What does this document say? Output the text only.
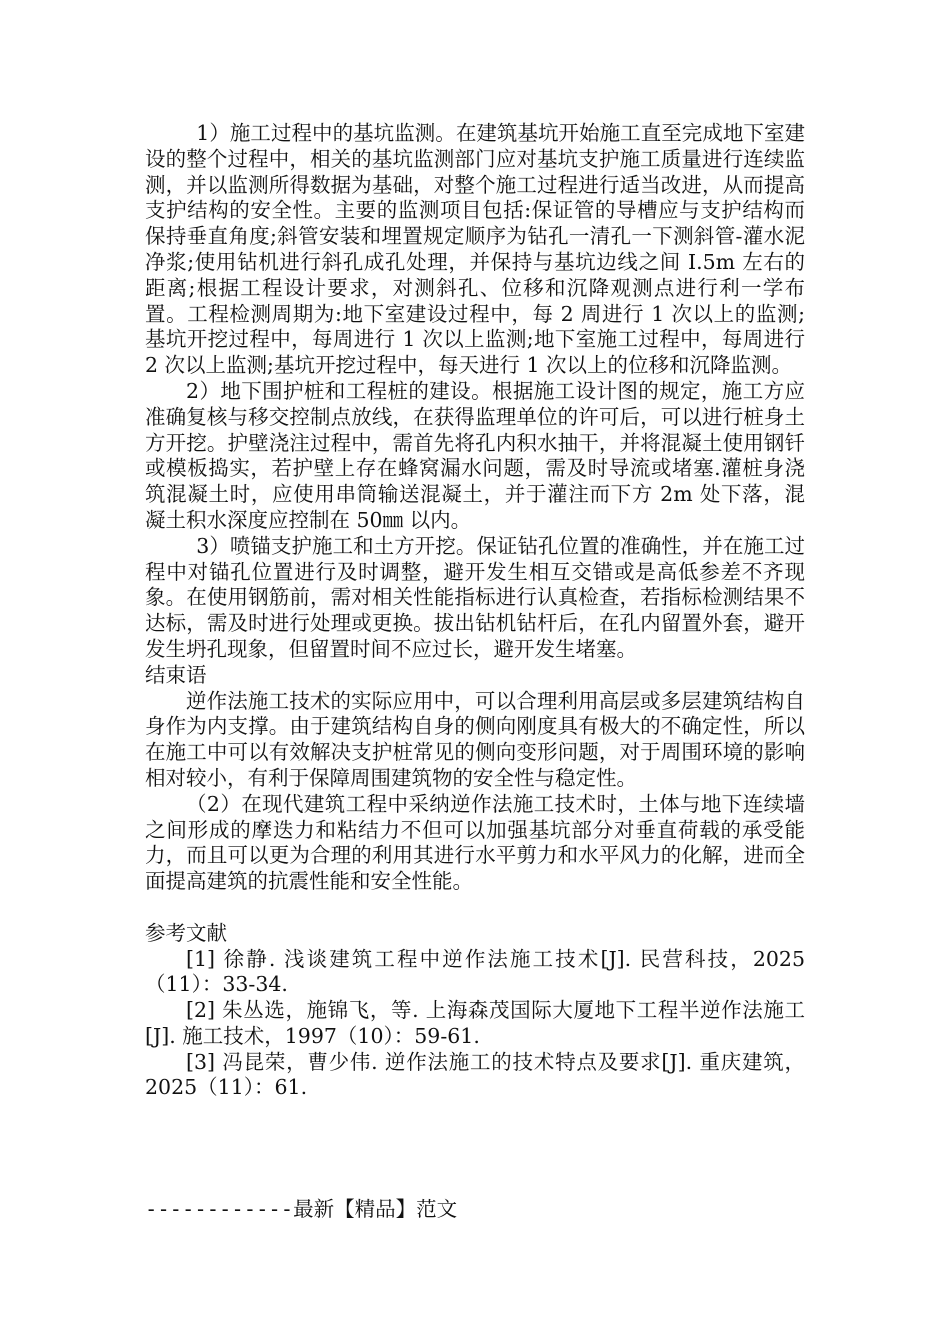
1）施工过程中的基坑监测。在建筑基坑开始施工直至完成地下室建设的整个过程中，相关的基坑监测部门应对基坑支护施工质量进行连续监测，并以监测所得数据为基础，对整个施工过程进行适当改进，从而提高支护结构的安全性。主要的监测项目包括:保证管的导槽应与支护结构而保持垂直角度;斜管安装和埋置规定顺序为钻孔一清孔一下测斜管-灌水泥净浆;使用钻机进行斜孔成孔处理，并保持与基坑边线之间 I.5m 左右的距离;根据工程设计要求，对测斜孔、位移和沉降观测点进行利一学布置。工程检测周期为:地下室建设过程中，每 2 周进行 1 次以上的监测;基坑开挖过程中，每周进行 1 次以上监测;地下室施工过程中，每周进行 2 次以上监测;基坑开挖过程中，每天进行 1 次以上的位移和沉降监测。

2）地下围护桩和工程桩的建设。根据施工设计图的规定，施工方应准确复核与移交控制点放线，在获得监理单位的许可后，可以进行桩身土方开挖。护壁浇注过程中，需首先将孔内积水抽干，并将混凝土使用钢钎或模板捣实，若护壁上存在蜂窝漏水问题，需及时导流或堵塞.灌桩身浇筑混凝土时，应使用串筒输送混凝土，并于灌注而下方 2m 处下落，混凝土积水深度应控制在 50㎜ 以内。

3）喷锚支护施工和土方开挖。保证钻孔位置的准确性，并在施工过程中对锚孔位置进行及时调整，避开发生相互交错或是高低参差不齐现象。在使用钢筋前，需对相关性能指标进行认真检查，若指标检测结果不达标，需及时进行处理或更换。拔出钻机钻杆后，在孔内留置外套，避开发生坍孔现象，但留置时间不应过长，避开发生堵塞。

结束语

逆作法施工技术的实际应用中，可以合理利用高层或多层建筑结构自身作为内支撑。由于建筑结构自身的侧向刚度具有极大的不确定性，所以在施工中可以有效解决支护桩常见的侧向变形问题，对于周围环境的影响相对较小，有利于保障周围建筑物的安全性与稳定性。

（2）在现代建筑工程中采纳逆作法施工技术时，土体与地下连续墙之间形成的摩迭力和粘结力不但可以加强基坑部分对垂直荷载的承受能力，而且可以更为合理的利用其进行水平剪力和水平风力的化解，进而全面提高建筑的抗震性能和安全性能。

参考文献

[1] 徐静. 浅谈建筑工程中逆作法施工技术[J]. 民营科技，2025（11）：33-34.

[2] 朱丛选，施锦飞，等. 上海森茂国际大厦地下工程半逆作法施工[J]. 施工技术，1997（10）：59-61.

[3] 冯昆荣，曹少伟. 逆作法施工的技术特点及要求[J]. 重庆建筑，2025（11）：61.

------------最新【精品】范文
